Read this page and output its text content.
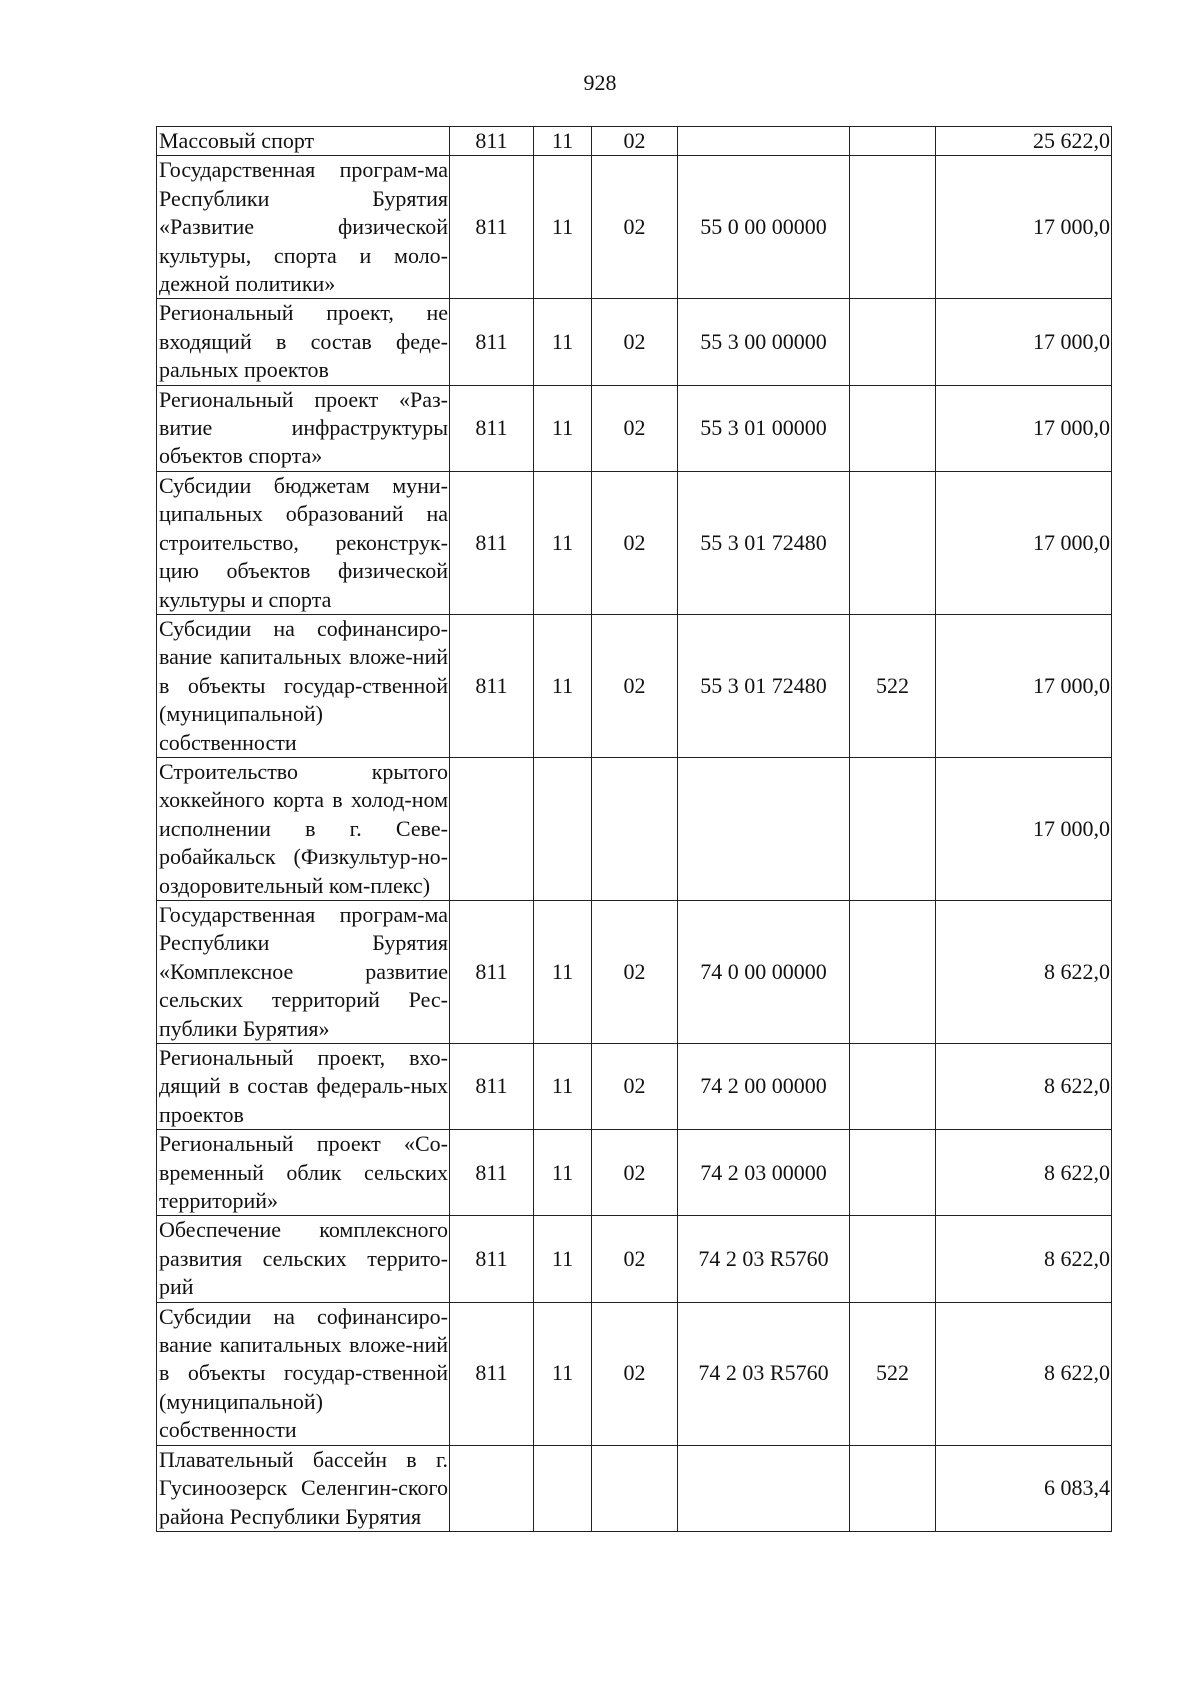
928
Массовый спорт	811	11	02			25 622,0
Государственная програм-ма Республики Бурятия «Развитие физической культуры, спорта и моло-дежной политики»	811	11	02	55 0 00 00000		17 000,0
Региональный проект, не входящий в состав феде-ральных проектов	811	11	02	55 3 00 00000		17 000,0
Региональный проект «Раз-витие инфраструктуры объектов спорта»	811	11	02	55 3 01 00000		17 000,0
Субсидии бюджетам муни-ципальных образований на строительство, реконструк-цию объектов физической культуры и спорта	811	11	02	55 3 01 72480		17 000,0
Субсидии на софинансиро-вание капитальных вложе-ний в объекты государ-ственной (муниципальной) собственности	811	11	02	55 3 01 72480	522	17 000,0
Строительство крытого хоккейного корта в холод-ном исполнении в г. Севе-робайкальск (Физкультур-но-оздоровительный ком-плекс)						17 000,0
Государственная програм-ма Республики Бурятия «Комплексное развитие сельских территорий Рес-публики Бурятия»	811	11	02	74 0 00 00000		8 622,0
Региональный проект, вхо-дящий в состав федераль-ных проектов	811	11	02	74 2 00 00000		8 622,0
Региональный проект «Со-временный облик сельских территорий»	811	11	02	74 2 03 00000		8 622,0
Обеспечение комплексного развития сельских террито-рий	811	11	02	74 2 03 R5760		8 622,0
Субсидии на софинансиро-вание капитальных вложе-ний в объекты государ-ственной (муниципальной) собственности	811	11	02	74 2 03 R5760	522	8 622,0
Плавательный бассейн в г. Гусиноозерск Селенгин-ского района Республики Бурятия						6 083,4
